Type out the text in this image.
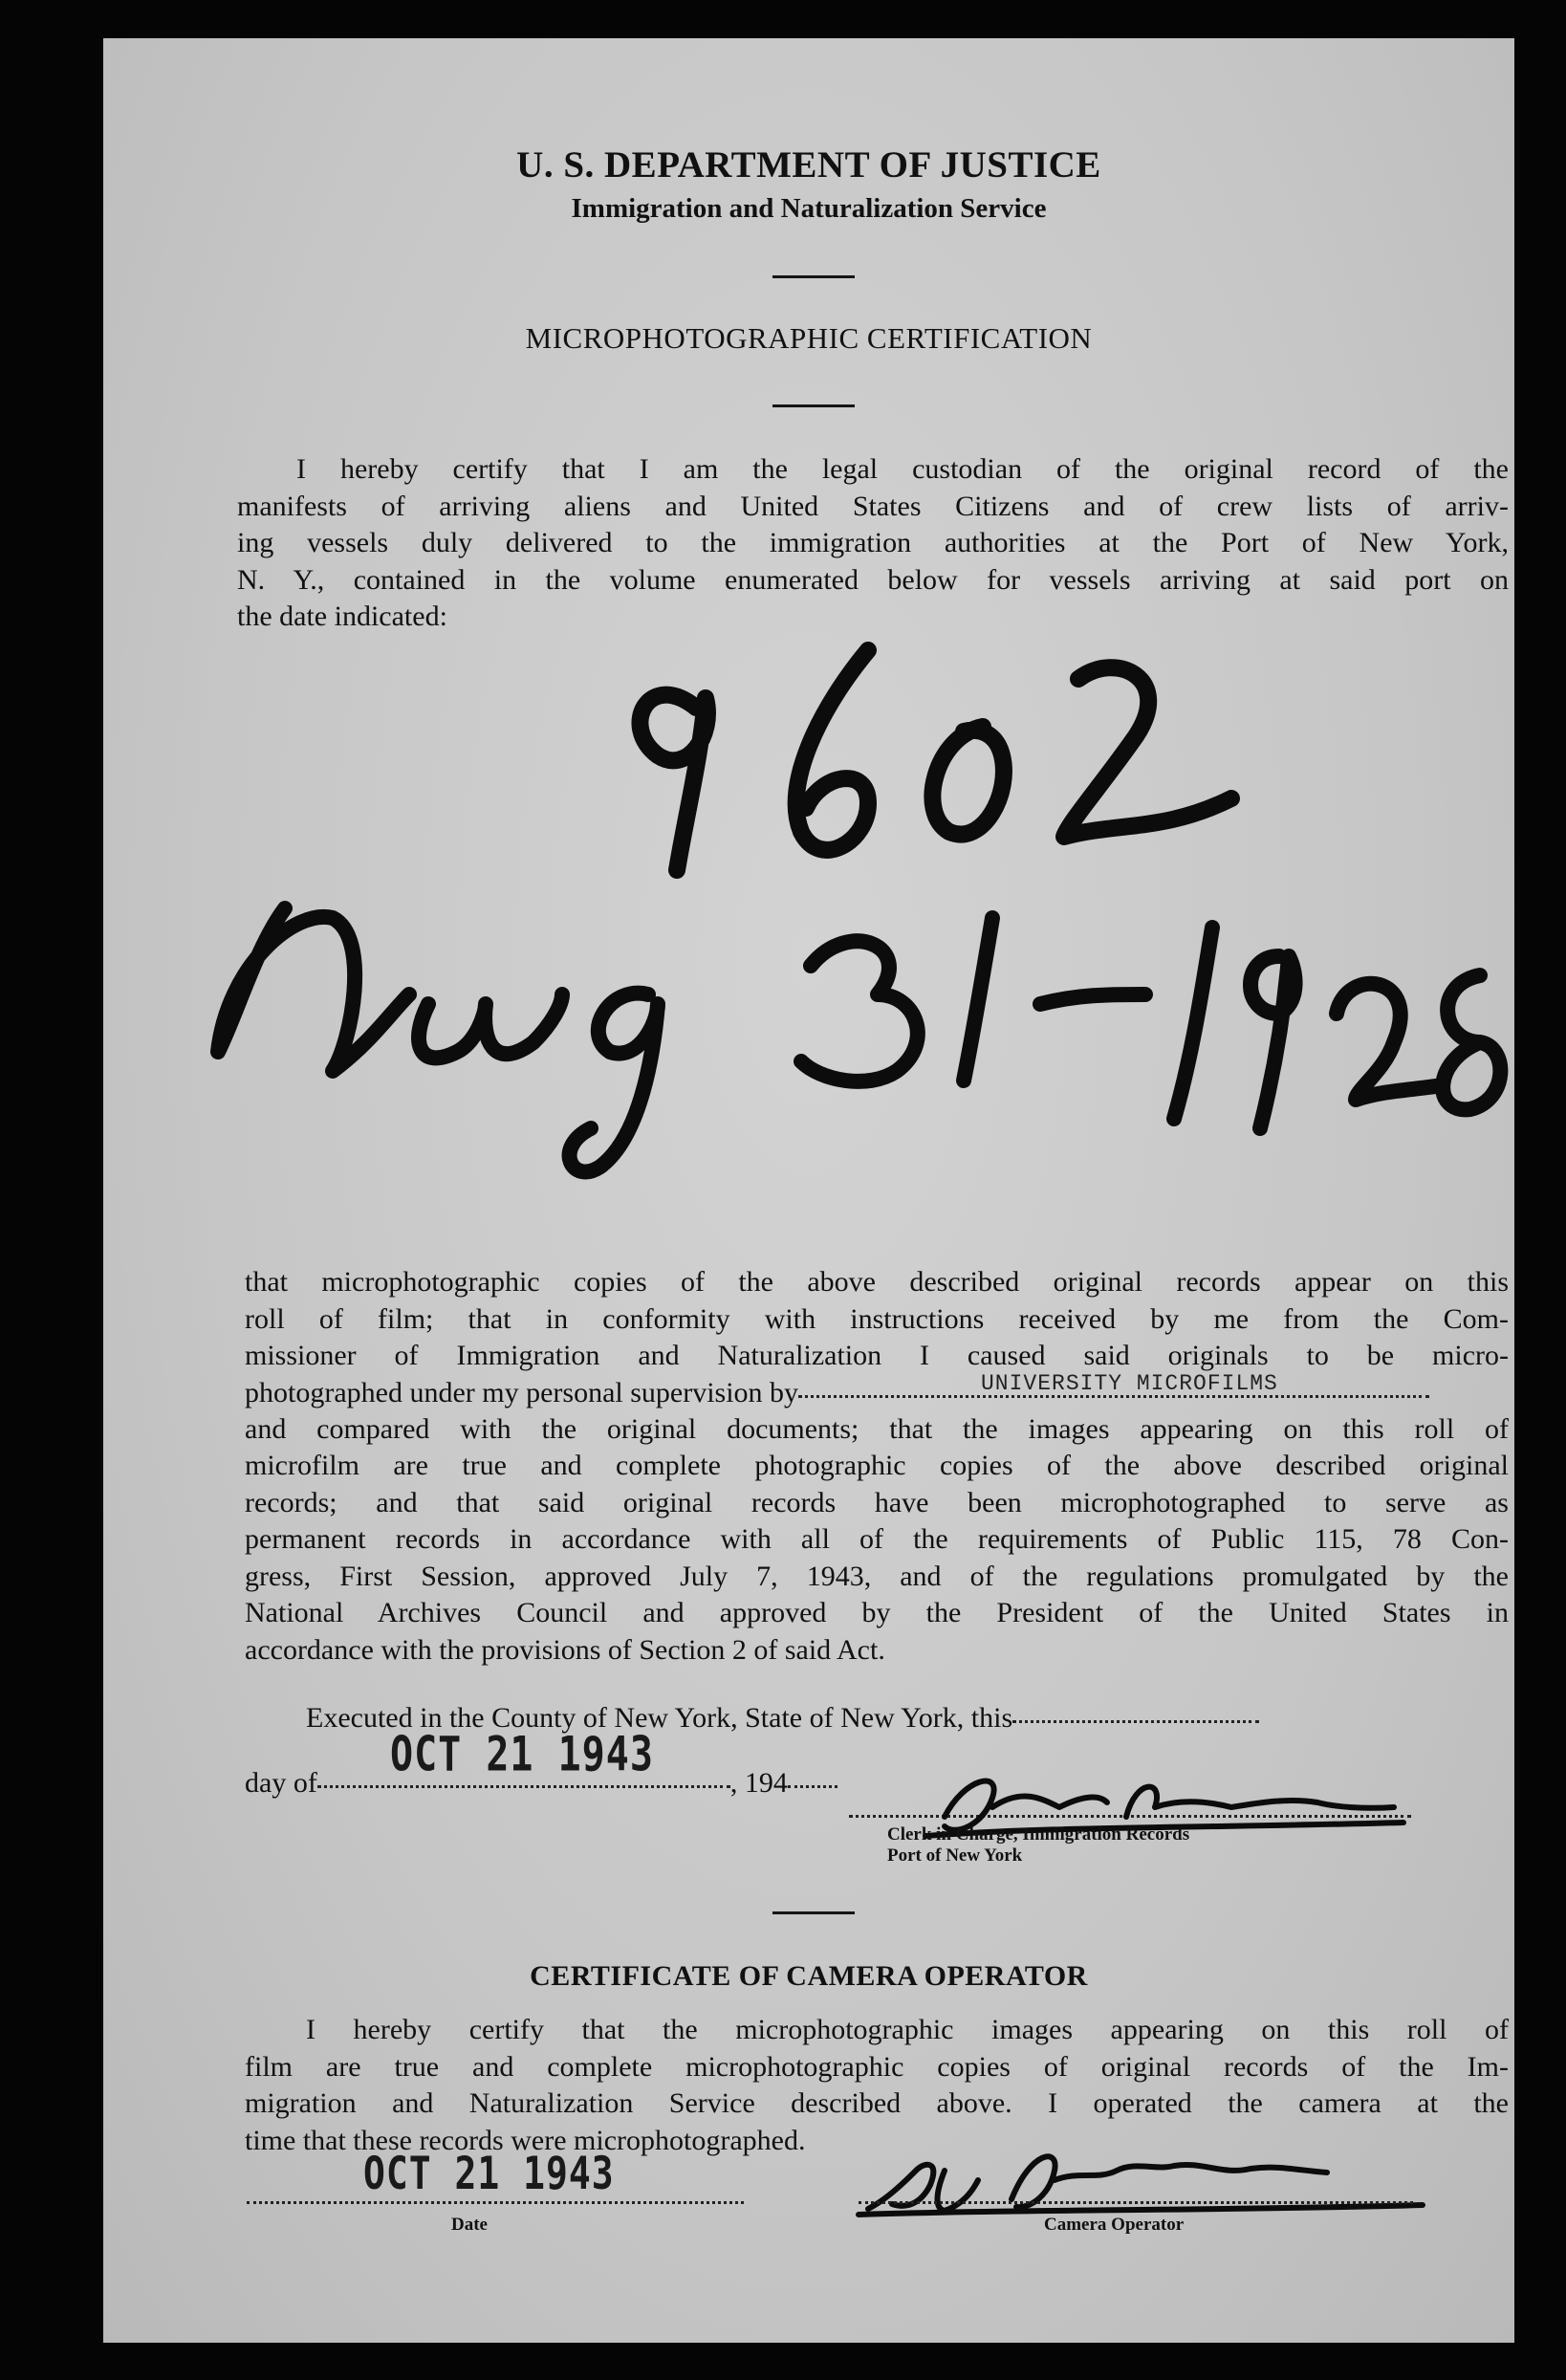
U. S. DEPARTMENT OF JUSTICE
Immigration and Naturalization Service
MICROPHOTOGRAPHIC CERTIFICATION
I hereby certify that I am the legal custodian of the original record of the
manifests of arriving aliens and United States Citizens and of crew lists of arriv-
ing vessels duly delivered to the immigration authorities at the Port of New York,
N. Y., contained in the volume enumerated below for vessels arriving at said port on
the date indicated:
that microphotographic copies of the above described original records appear on this
roll of film; that in conformity with instructions received by me from the Com-
missioner of Immigration and Naturalization I caused said originals to be micro-
photographed under my personal supervision by	UNIVERSITY MICROFILMS
and compared with the original documents; that the images appearing on this roll of
microfilm are true and complete photographic copies of the above described original
records; and that said original records have been microphotographed to serve as
permanent records in accordance with all of the requirements of Public 115, 78 Con-
gress, First Session, approved July 7, 1943, and of the regulations promulgated by the
National Archives Council and approved by the President of the United States in
accordance with the provisions of Section 2 of said Act.
Executed in the County of New York, State of New York, this
day of	, 194
OCT 21 1943
Clerk in Charge, Immigration Records
Port of New York
CERTIFICATE OF CAMERA OPERATOR
I hereby certify that the microphotographic images appearing on this roll of
film are true and complete microphotographic copies of original records of the Im-
migration and Naturalization Service described above. I operated the camera at the
time that these records were microphotographed.
OCT 21 1943
Date	Camera Operator
